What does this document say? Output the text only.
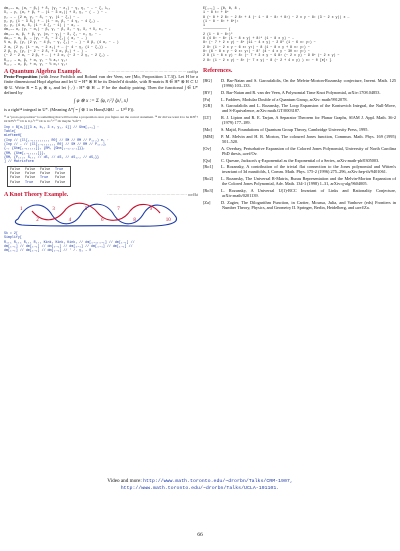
dm₁→→ a₁ (α₁ − β₁) + δ₁ (γ₁ − ε₁) − γ₁ η₁ − … − ζ₁ λ₁,
δ₁ → γ₁ (α₂ + β₁ + … (1 − 3 α₂)) + δ₂ γ₁ − ( … ) − …
γ₂ → … (2 α₁ γ₂ − δ₂ − γ₂ (1 − ζ₂) − …
γ₂ γ₂ (1 − 3 δ₁) + … (1 − α₁ β₂ − 4 γ₂ − 4 ζ₂) …
γ₂ γ₂ (4 α₂ δ₂ (1 − 4 ζ₂ − 1) ) − α₂ …
dm₁→→ α₂ (γ₁ − α₂) − β₁ γ₂ − β₂ δ₁ − γ₁ δ₂ + δ₂ ε₁ − …
dm₁→→ α₁ β₁ + β₁ γ₁ (α₂ − γ₂) − δ₁ ζ₁ − ε₁ γ₂ − …
dω₁→ − α₁ β₁ … (γ₂ − δ₂ − 2 ζ₁) ( α₂ − … )
½ α₁ β₁ (γ₂ (2 γ₁ − 4 β₁ − γ₁ ζ₁) − … ) − 8 β₁ (4 α₂ − … )
2 α₁ (2 γ₂ (1 − α₁ − 2 ε₂) + … (− 4 − γ₂ (1 − ζ₁)) …
2 β₁ γ₁ (γ₂ (− 2 − 2 δ₂ + 2 α₂ β₂) + … ) …
(− 2 − 2 α₁ − 2 β₁ + … ) + 2 α₂ (− 2 − 2 γ₁ − 2 ζ₂) …
R₁,₂ → a₁ β₁ + α₁ γ₁ − ½ a₁² γ₁²
R₁,₂ → α₂ β₂ + α₂ γ₂ − ½ α₂² γ₂²
A Quantum Algebra Example.	······························································ corf/qa

Proto-Proposition (with Jesse Frohlich and Roland van der Veen, see [Mo, Proposition 1.7.3]). Let H be a finite dimensional Hopf algebra and let U = H* ⊗ H be its Drinfel'd double, with R-matrix R ∈ H* ⊗ H ⊂ U ⊗ U. Write R = Σ ρᵢ ⊗ rᵢ, and let ⟨·,·⟩ : H* ⊗ H → F be the duality pairing. Then the functional ∫ ∈ U* defined by

∫ φ ⊗ x := Σ ⟨φ, rᵢ²⟩ ⟨ρᵢ¹, x⟩

is a right¹⁴ integral in U*. (Meaning Δ*∫ = ∫ ⊗ 1 in Hom(U⊗U → U¹⁰ F)).

¹³ A “proto-proposition” is something that will become a proposition once you figure out the correct statement. ¹⁴ Or did we want it to be RJS¹? Or RJS¹? ¹⁵ Or is it ρᵢ²? ¹⁶ Or is it rᵢ²? ¹⁷ Or maybe “left”?

Inp = B[α₁][[3 a₁ b₁, 3 x₁ y₁, 1]] // Ghm[₁→₁] ·
Table[
mLeftmeH[
(Inp // (Cl[₁→₁,₁,₁,₁,₁ R0] // SM // RM // P₁,₂) e₁ ·
(Inp // … // (Cl[₁→₁,₁,₁,₁ R0] // SM // RM // P₁,₂],
{…, {Ghm[₁→₁,₁,₁]}, {RM, {Ghm[₁→₁,₁,₁]}},
{RM, {Ghm[₁→₁,₁,₁]}},
{RM, {P₁,₂, S₁,₂ // dS₁ // dS₂ // dS₁,₂ // dS₂}}
] // MatrixForm
False	False	False	True
False	False	False	False
False	False	True	False
False	True	False	False
A Knot Theory Example.	······························································· corf/kt
1
2
3
4
5
6
7
8
9
10
Sk = 2[
Simplify[
R₁,₁ R₁,₁ R₁,₁ R₁,₁ Kink₁ Kink₁ Kink₁ // dm[₁→₁,₁→₁] // dm[₁→₁] //
dm[₁→₁] // dm[₁→₁] // dm[₁→₁] // dm[₁→₁] // dm[₁→₁] // dm[₁→₁] //
dm[₁→₁] // dm[₁→₁] // dm[₁→₁] // ' /. γ₁ → 0
E[₁→₁] → {θ, θ, 8 ,
1 − 8 t² + 8⁴
8 (− 8 + 2 8² − 2 8³ + 4 (− 1 − 8 − 8² + 8³) − 2 x y − 8² (3 − 2 x y)) x …
(1 − 8 − 8³ + 8⁴)²
1
──────────── (
2 (1 − 8 − 8³)⁵
8 (4 8⁸ − 8⁹ (1 − 8 x y) + 8¹⁰ (1 − 8 x y) − …
8³ (− 7 + 2 x y) − 8⁴ (11 − 4 x y) − 2 8⁵ (1 − 6 x² y²) −
2 8⁶ (1 − 2 x y − 6 x² y²) − 8 (1 − 8 x y + 8 x² y²) −
8⁶ (6 − 8 x y − 9 x² y²) − 8⁷ (4 − 4 x y − 30 x² y²) −
2 8 (1 − 8 x y) − 8² (− 7 + 2 x y − 9 8³ (− 2 x y) − 9 8⁴ (− 2 x y) −
2 8² (1 − 2 x y) − 8⁸ (− 7 x y) − 8 (− 2 + 4 x y) ) x² − 0 [e]³ }
References.

[BG] D. Bar-Natan and S. Garoufalidis, On the Melvin-Morton-Rozansky conjecture, Invent. Math. 125 (1996) 103–133.

[BV] D. Bar-Natan and R. van der Veen, A Polynomial Time Knot Polynomial, arXiv:1708.04853.

[Fa]	L. Faddeev, Modular Double of a Quantum Group, arXiv: math/9912078.

[GR] S. Garoufalidis and L. Rozansky, The Loop Expansion of the Kontsevich Integral, the Null-Move, and S-Equivalence, arXiv:math.GT/0003187.

[LT] R. J. Lipton and R. E. Tarjan, A Separator Theorem for Planar Graphs, SIAM J. Appl. Math. 36-2 (1979) 177–189.

[Mo] S. Majid, Foundations of Quantum Group Theory, Cambridge University Press, 1995.

[MM] P. M. Melvin and H. R. Morton, The coloured Jones function, Commun. Math. Phys. 169 (1995) 501–520.

[Ov] A. Overbay, Perturbative Expansion of the Colored Jones Polynomial, University of North Carolina PhD thesis, ωref/Ov.

[Qu] C. Quesne, Jackson's q-Exponential as the Exponential of a Series, arXiv:math-ph/0305003.

[Ro1] L. Rozansky, A contribution of the trivial flat connection to the Jones polynomial and Witten's invariant of 3d manifolds, I, Comm. Math. Phys. 175-2 (1996) 275–296, arXiv:hep-th/9401061.

[Ro2] L. Rozansky, The Universal R-Matrix, Burau Representation and the Melvin-Morton Expansion of the Colored Jones Polynomial, Adv. Math. 134-1 (1998) 1–31, arXiv:q-alg/9604005.

[Ro3] L. Rozansky, A Universal U(1)-RCC Invariant of Links and Rationality Conjecture, arXiv:math/0201139.

[Za] D. Zagier, The Dilogarithm Function, in Cartier, Moussa, Julia, and Vanhove (eds) Frontiers in Number Theory, Physics, and Geometry II. Springer, Berlin, Heidelberg, and ωref/Za.

Video and more: http://www.math.toronto.edu/~drorbn/Talks/CRM-1907,
http://www.math.toronto.edu/~drorbn/Talks/UCLA-191101.
66
